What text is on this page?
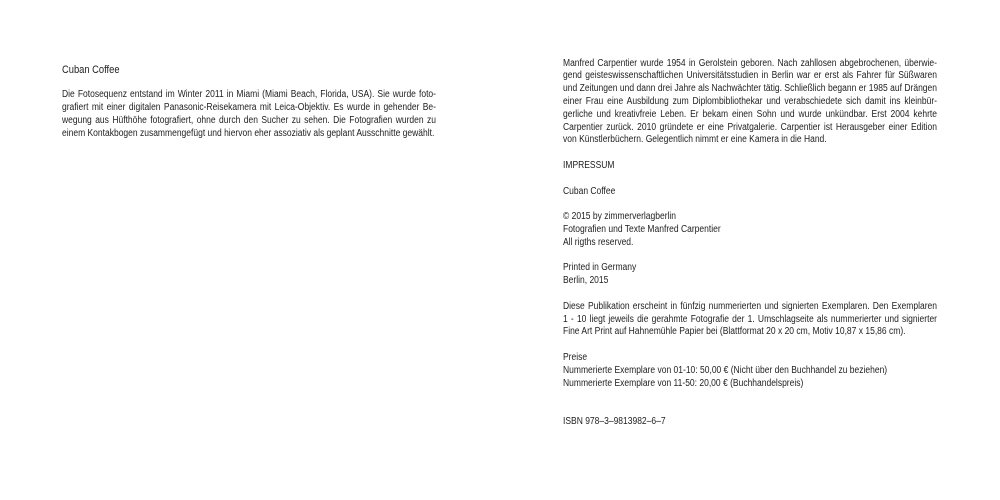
Cuban Coffee
Die Fotosequenz entstand im Winter 2011 in Miami (Miami Beach, Florida, USA). Sie wurde foto-
grafiert mit einer digitalen Panasonic-Reisekamera mit Leica-Objektiv. Es wurde in gehender Be-
wegung aus Hüfthöhe fotografiert, ohne durch den Sucher zu sehen. Die Fotografien wurden zu
einem Kontakbogen zusammengefügt und hiervon eher assoziativ als geplant Ausschnitte gewählt.
Manfred Carpentier wurde 1954 in Gerolstein geboren. Nach zahllosen abgebrochenen, überwie-
gend geisteswissenschaftlichen Universitätsstudien in Berlin war er erst als Fahrer für Süßwaren
und Zeitungen und dann drei Jahre als Nachwächter tätig. Schließlich begann er 1985 auf Drängen
einer Frau eine Ausbildung zum Diplombibliothekar und verabschiedete sich damit ins kleinbür-
gerliche und kreativfreie Leben. Er bekam einen Sohn und wurde unkündbar. Erst 2004 kehrte
Carpentier zurück. 2010 gründete er eine Privatgalerie. Carpentier ist Herausgeber einer Edition
von Künstlerbüchern. Gelegentlich nimmt er eine Kamera in die Hand.
IMPRESSUM
Cuban Coffee
© 2015 by zimmerverlagberlin
Fotografien und Texte Manfred Carpentier
All rigths reserved.
Printed in Germany
Berlin, 2015
Diese Publikation erscheint in fünfzig nummerierten und signierten Exemplaren. Den Exemplaren
1 - 10 liegt jeweils die gerahmte Fotografie der 1. Umschlagseite als nummerierter und signierter
Fine Art Print auf Hahnemühle Papier bei (Blattformat 20 x 20 cm, Motiv 10,87 x 15,86 cm).
Preise
Nummerierte Exemplare von 01-10: 50,00 € (Nicht über den Buchhandel zu beziehen)
Nummerierte Exemplare von 11-50: 20,00 € (Buchhandelspreis)
ISBN 978–3–9813982–6–7
